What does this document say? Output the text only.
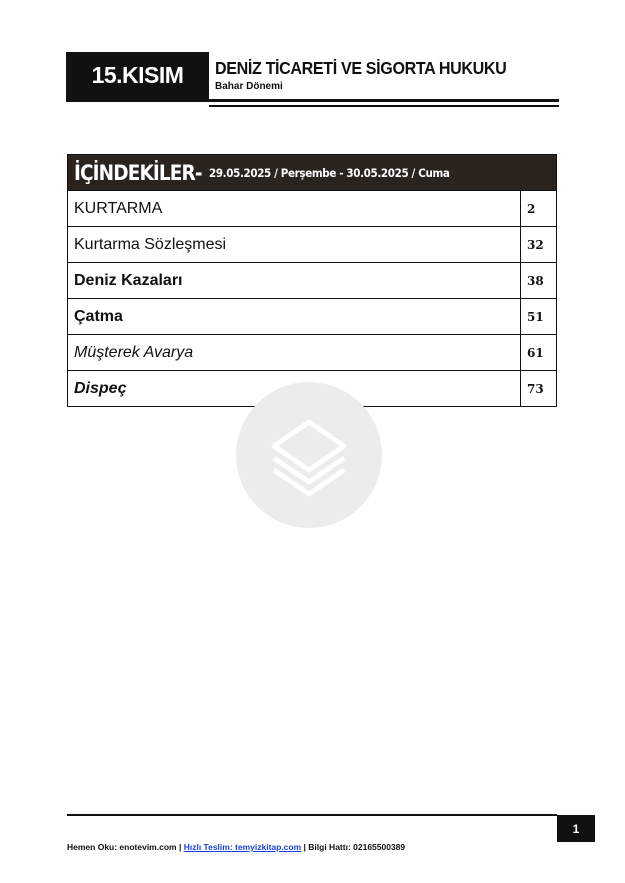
15.KISIM	DENİZ TİCARETİ VE SİGORTA HUKUKU
Bahar Dönemi
İÇİNDEKİLER- 29.05.2025 / Perşembe - 30.05.2025 / Cuma
KURTARMA	2
Kurtarma Sözleşmesi	32
Deniz Kazaları	38
Çatma	51
Müşterek Avarya	61
Dispeç	73
1
Hemen Oku: enotevim.com | Hızlı Teslim: temyizkitap.com | Bilgi Hattı: 02165500389
